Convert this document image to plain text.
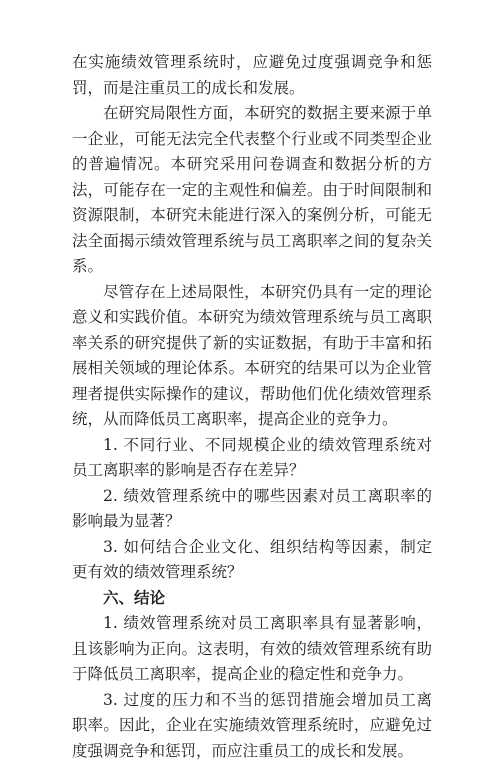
在实施绩效管理系统时，应避免过度强调竞争和惩罚，而是注重员工的成长和发展。

在研究局限性方面，本研究的数据主要来源于单一企业，可能无法完全代表整个行业或不同类型企业的普遍情况。本研究采用问卷调查和数据分析的方法，可能存在一定的主观性和偏差。由于时间限制和资源限制，本研究未能进行深入的案例分析，可能无法全面揭示绩效管理系统与员工离职率之间的复杂关系。

尽管存在上述局限性，本研究仍具有一定的理论意义和实践价值。本研究为绩效管理系统与员工离职率关系的研究提供了新的实证数据，有助于丰富和拓展相关领域的理论体系。本研究的结果可以为企业管理者提供实际操作的建议，帮助他们优化绩效管理系统，从而降低员工离职率，提高企业的竞争力。

1. 不同行业、不同规模企业的绩效管理系统对员工离职率的影响是否存在差异？

2. 绩效管理系统中的哪些因素对员工离职率的影响最为显著？

3. 如何结合企业文化、组织结构等因素，制定更有效的绩效管理系统？

六、结论

1. 绩效管理系统对员工离职率具有显著影响，且该影响为正向。这表明，有效的绩效管理系统有助于降低员工离职率，提高企业的稳定性和竞争力。

3. 过度的压力和不当的惩罚措施会增加员工离职率。因此，企业在实施绩效管理系统时，应避免过度强调竞争和惩罚，而应注重员工的成长和发展。
